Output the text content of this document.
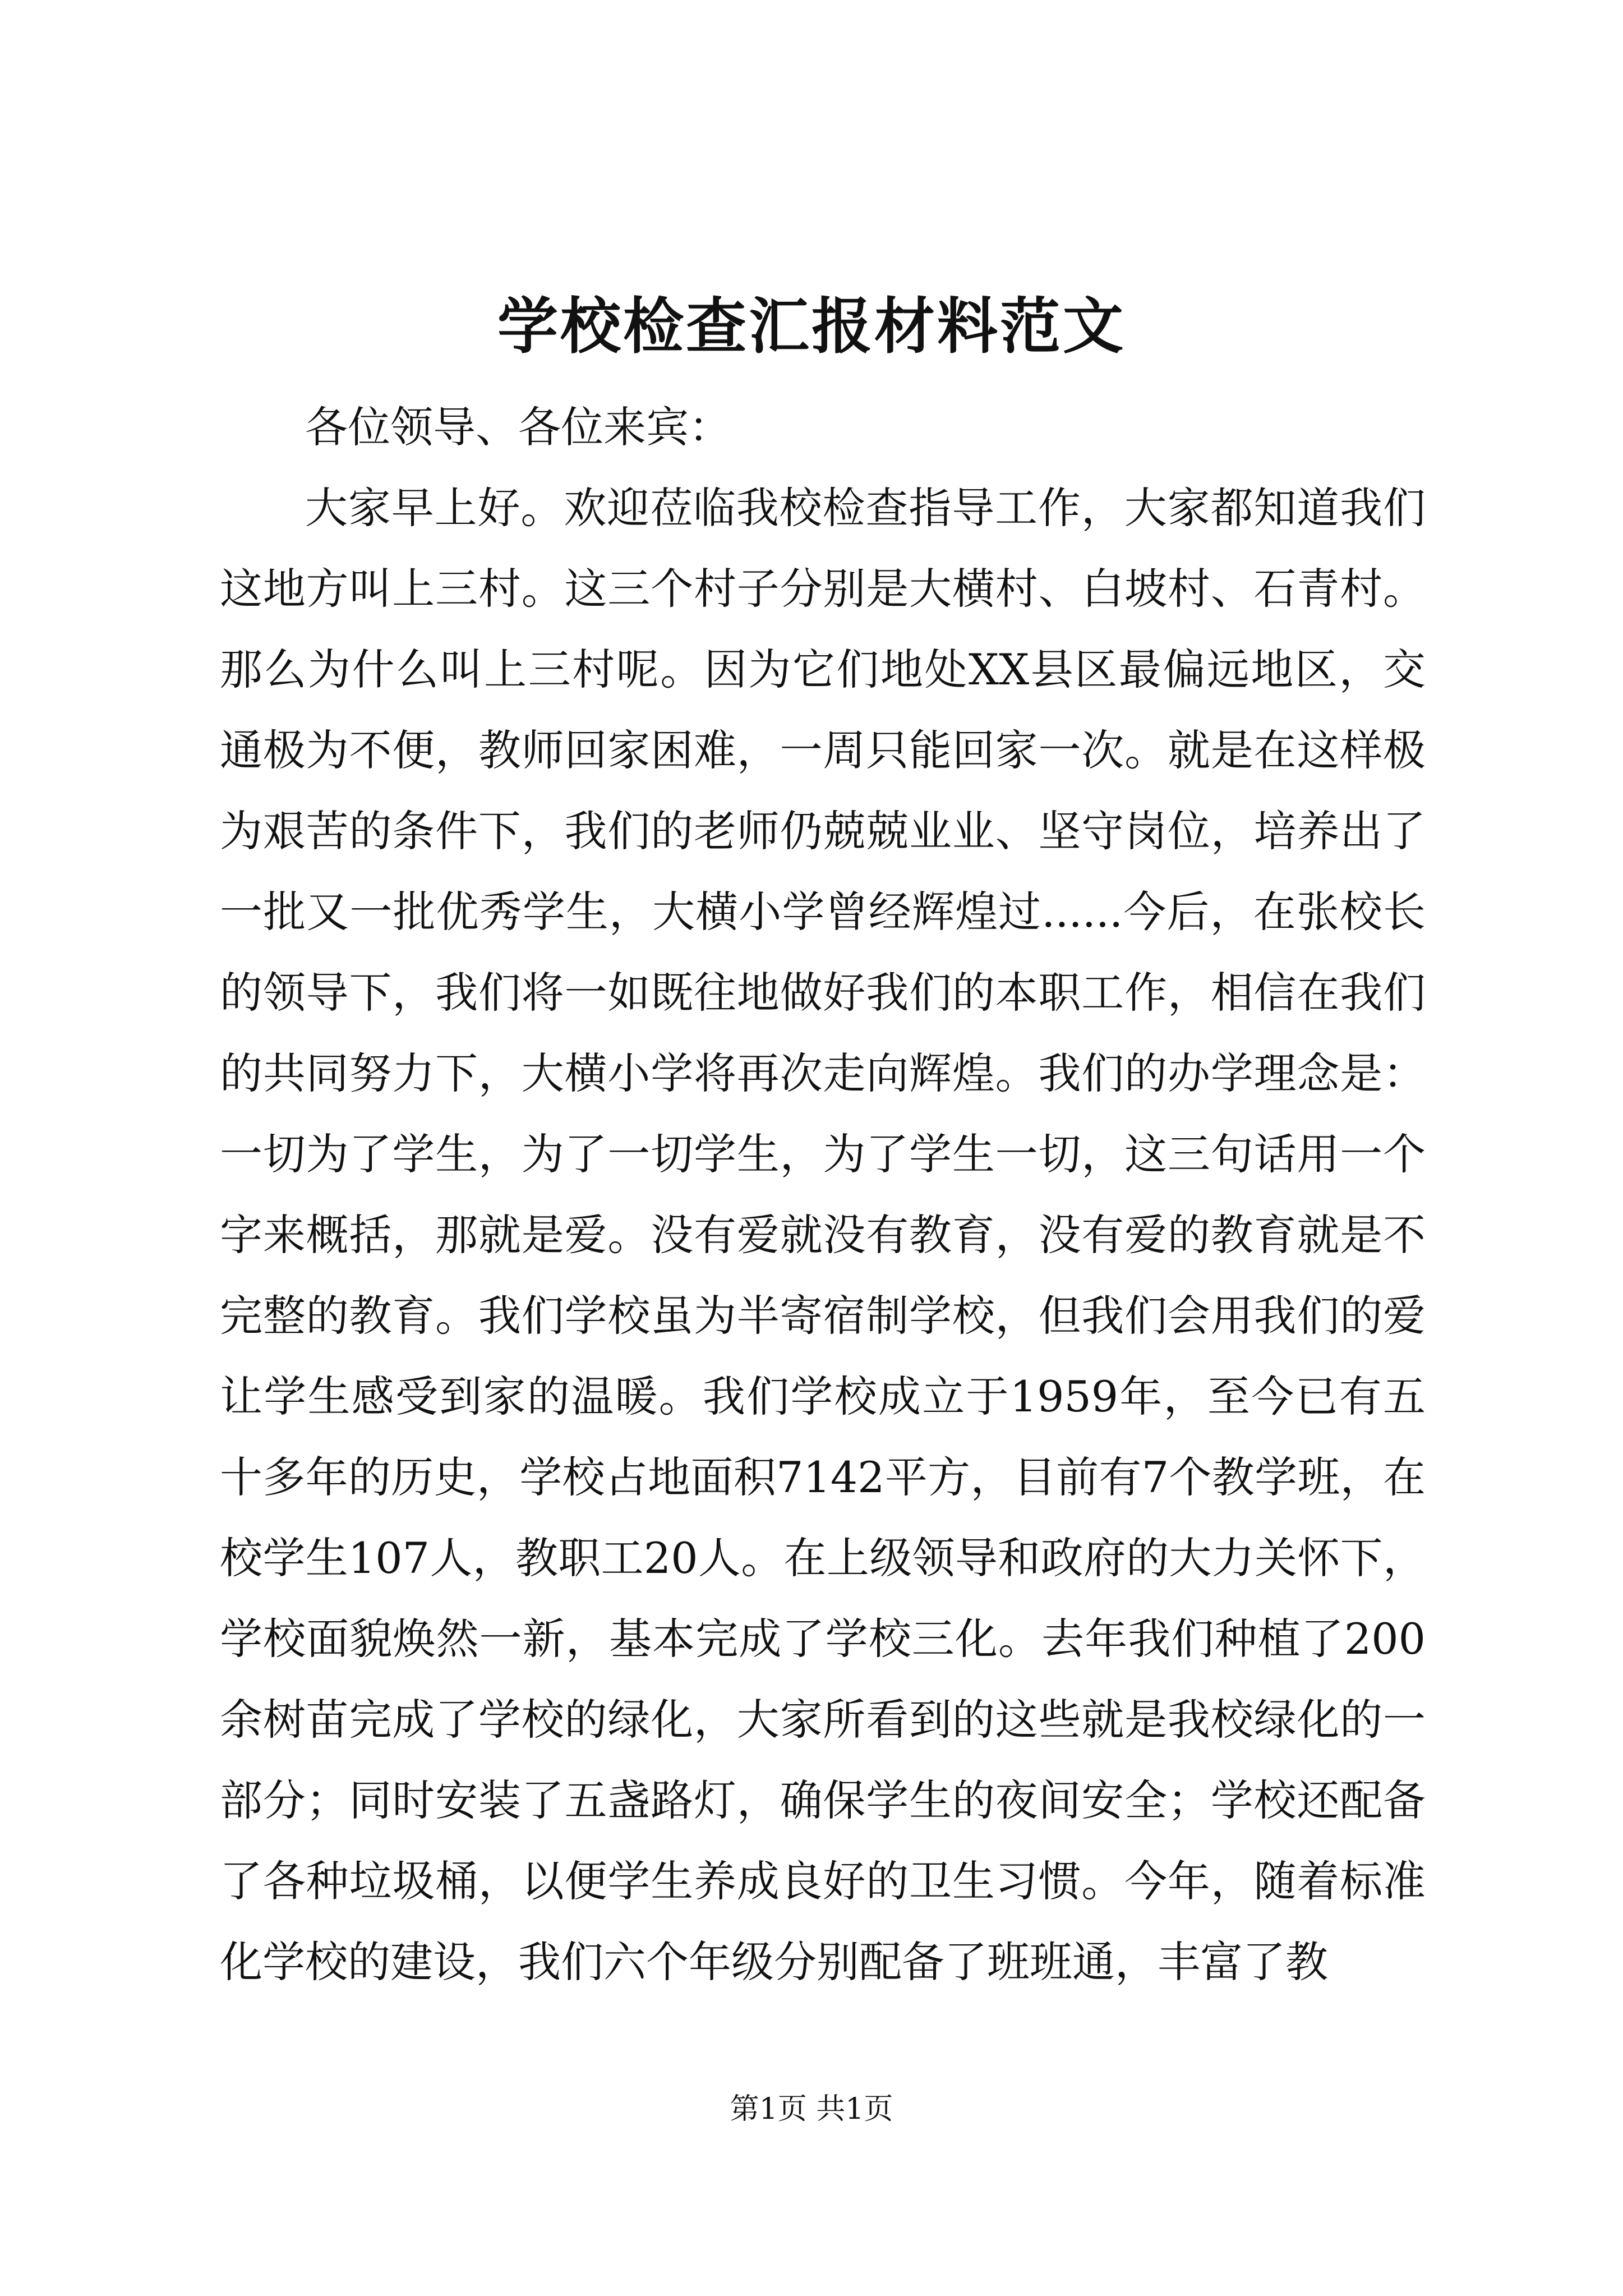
学校检查汇报材料范文

各位领导、各位来宾：

大家早上好。欢迎莅临我校检查指导工作，大家都知道我们这地方叫上三村。这三个村子分别是大横村、白坡村、石青村。那么为什么叫上三村呢。因为它们地处XX县区最偏远地区，交通极为不便，教师回家困难，一周只能回家一次。就是在这样极为艰苦的条件下，我们的老师仍兢兢业业、坚守岗位，培养出了一批又一批优秀学生，大横小学曾经辉煌过......今后，在张校长的领导下，我们将一如既往地做好我们的本职工作，相信在我们的共同努力下，大横小学将再次走向辉煌。我们的办学理念是：一切为了学生，为了一切学生，为了学生一切，这三句话用一个字来概括，那就是爱。没有爱就没有教育，没有爱的教育就是不完整的教育。我们学校虽为半寄宿制学校，但我们会用我们的爱让学生感受到家的温暖。我们学校成立于1959年，至今已有五十多年的历史，学校占地面积7142平方，目前有7个教学班，在校学生107人，教职工20人。在上级领导和政府的大力关怀下，学校面貌焕然一新，基本完成了学校三化。去年我们种植了200余树苗完成了学校的绿化，大家所看到的这些就是我校绿化的一部分；同时安装了五盏路灯，确保学生的夜间安全；学校还配备了各种垃圾桶，以便学生养成良好的卫生习惯。今年，随着标准化学校的建设，我们六个年级分别配备了班班通，丰富了教

第1页 共1页
